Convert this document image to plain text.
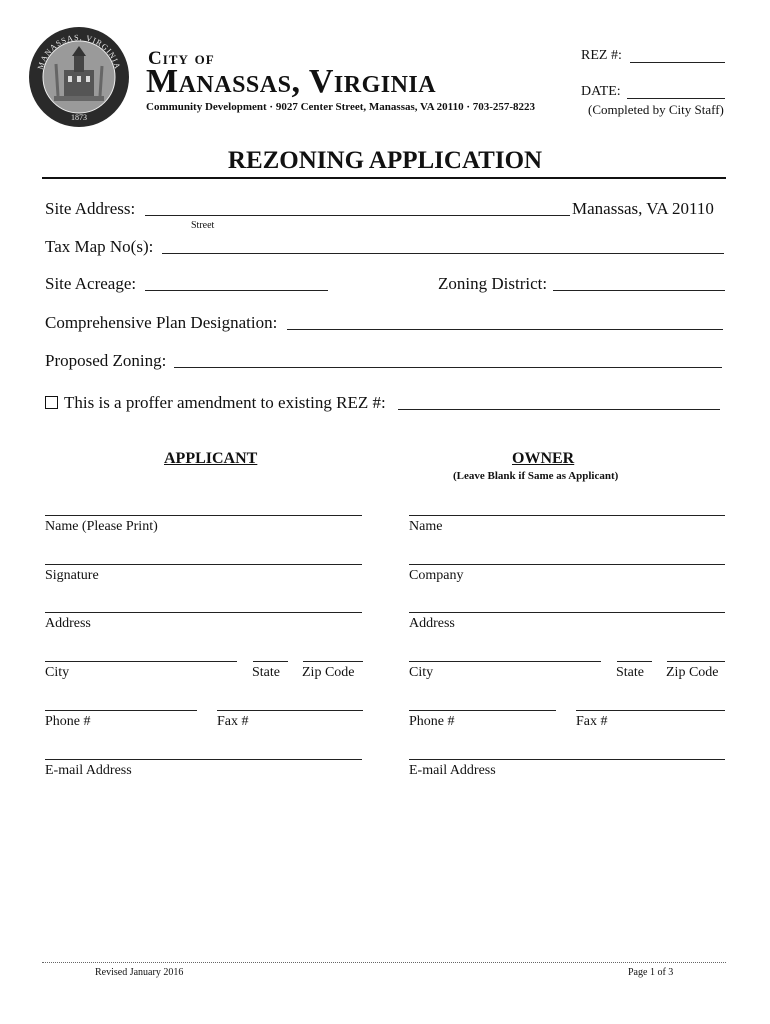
1873
MANASSAS, VIRGINIA City of
Manassas, Virginia
Community Development · 9027 Center Street, Manassas, VA 20110 · 703-257-8223
REZ #:
DATE:
(Completed by City Staff)
REZONING APPLICATION
Site Address:	Manassas, VA 20110
Street
Tax Map No(s):
Site Acreage:	Zoning District:
Comprehensive Plan Designation:
Proposed Zoning:
This is a proffer amendment to existing REZ #:
APPLICANT	OWNER
(Leave Blank if Same as Applicant)
Name (Please Print)
Signature
Address
City	State Zip Code
Phone #	Fax #
E-mail Address
Name
Company
Address
City	State Zip Code
Phone #	Fax #
E-mail Address
Revised January 2016	Page 1 of 3
